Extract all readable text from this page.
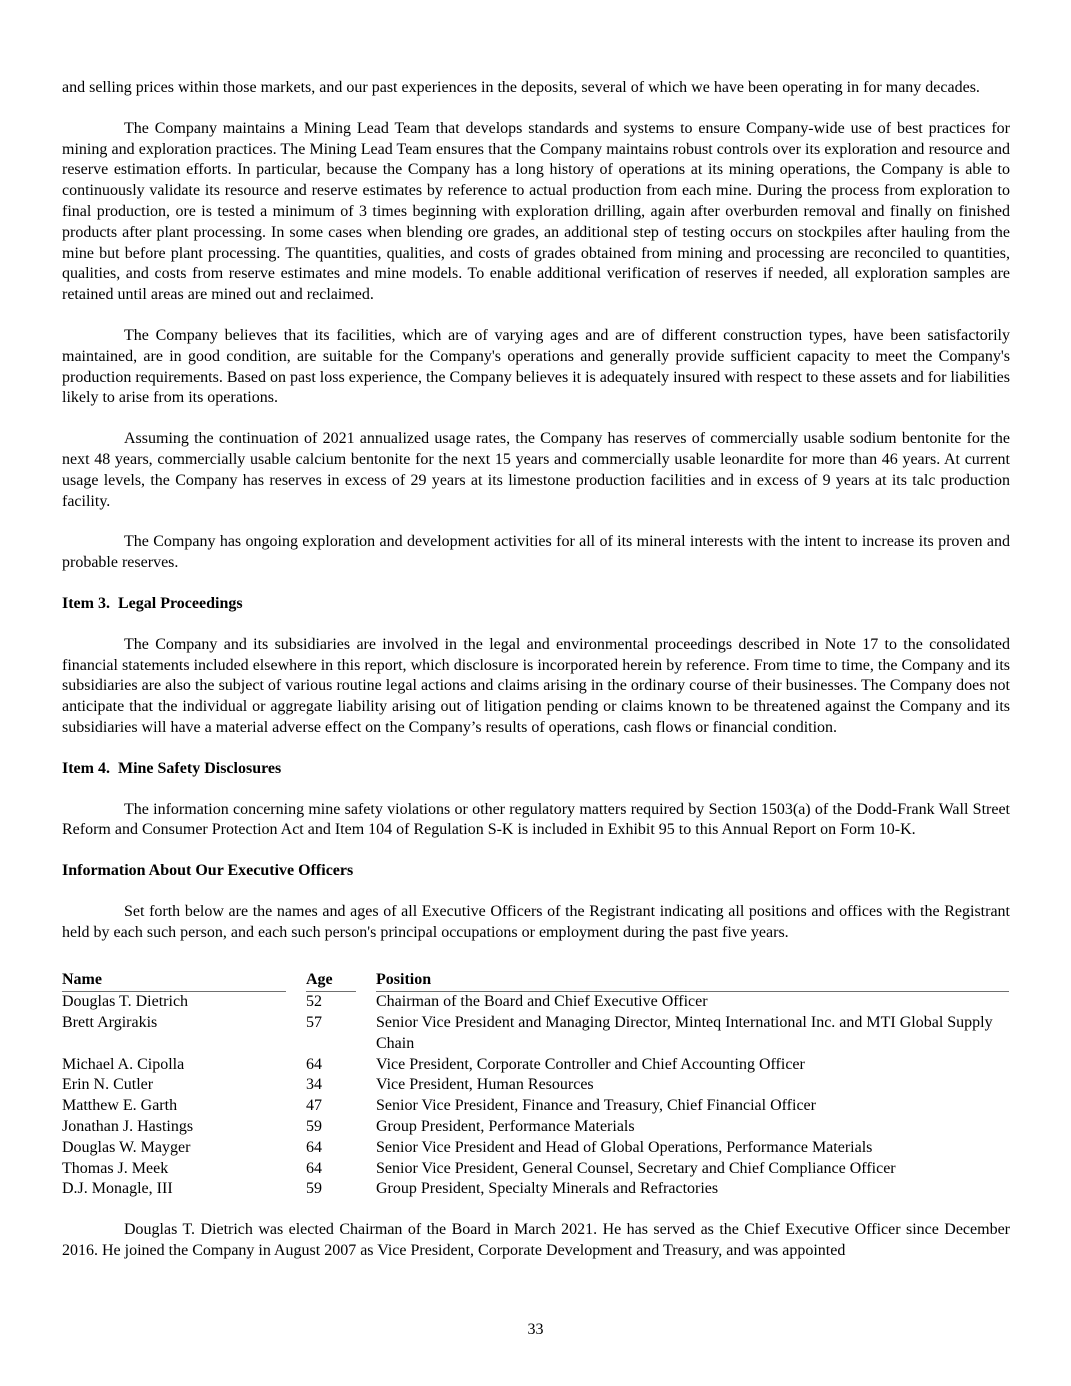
and selling prices within those markets, and our past experiences in the deposits, several of which we have been operating in for many decades.

The Company maintains a Mining Lead Team that develops standards and systems to ensure Company-wide use of best practices for mining and exploration practices. The Mining Lead Team ensures that the Company maintains robust controls over its exploration and resource and reserve estimation efforts. In particular, because the Company has a long history of operations at its mining operations, the Company is able to continuously validate its resource and reserve estimates by reference to actual production from each mine. During the process from exploration to final production, ore is tested a minimum of 3 times beginning with exploration drilling, again after overburden removal and finally on finished products after plant processing. In some cases when blending ore grades, an additional step of testing occurs on stockpiles after hauling from the mine but before plant processing. The quantities, qualities, and costs of grades obtained from mining and processing are reconciled to quantities, qualities, and costs from reserve estimates and mine models. To enable additional verification of reserves if needed, all exploration samples are retained until areas are mined out and reclaimed.

The Company believes that its facilities, which are of varying ages and are of different construction types, have been satisfactorily maintained, are in good condition, are suitable for the Company's operations and generally provide sufficient capacity to meet the Company's production requirements. Based on past loss experience, the Company believes it is adequately insured with respect to these assets and for liabilities likely to arise from its operations.

Assuming the continuation of 2021 annualized usage rates, the Company has reserves of commercially usable sodium bentonite for the next 48 years, commercially usable calcium bentonite for the next 15 years and commercially usable leonardite for more than 46 years. At current usage levels, the Company has reserves in excess of 29 years at its limestone production facilities and in excess of 9 years at its talc production facility.

The Company has ongoing exploration and development activities for all of its mineral interests with the intent to increase its proven and probable reserves.

Item 3.  Legal Proceedings

The Company and its subsidiaries are involved in the legal and environmental proceedings described in Note 17 to the consolidated financial statements included elsewhere in this report, which disclosure is incorporated herein by reference. From time to time, the Company and its subsidiaries are also the subject of various routine legal actions and claims arising in the ordinary course of their businesses. The Company does not anticipate that the individual or aggregate liability arising out of litigation pending or claims known to be threatened against the Company and its subsidiaries will have a material adverse effect on the Company’s results of operations, cash flows or financial condition.

Item 4.  Mine Safety Disclosures

The information concerning mine safety violations or other regulatory matters required by Section 1503(a) of the Dodd-Frank Wall Street Reform and Consumer Protection Act and Item 104 of Regulation S-K is included in Exhibit 95 to this Annual Report on Form 10-K.

Information About Our Executive Officers

Set forth below are the names and ages of all Executive Officers of the Registrant indicating all positions and offices with the Registrant held by each such person, and each such person's principal occupations or employment during the past five years.

Name	Age	Position
Douglas T. Dietrich	52	Chairman of the Board and Chief Executive Officer
Brett Argirakis	57	Senior Vice President and Managing Director, Minteq International Inc. and MTI Global Supply Chain
Michael A. Cipolla	64	Vice President, Corporate Controller and Chief Accounting Officer
Erin N. Cutler	34	Vice President, Human Resources
Matthew E. Garth	47	Senior Vice President, Finance and Treasury, Chief Financial Officer
Jonathan J. Hastings	59	Group President, Performance Materials
Douglas W. Mayger	64	Senior Vice President and Head of Global Operations, Performance Materials
Thomas J. Meek	64	Senior Vice President, General Counsel, Secretary and Chief Compliance Officer
D.J. Monagle, III	59	Group President, Specialty Minerals and Refractories

Douglas T. Dietrich was elected Chairman of the Board in March 2021. He has served as the Chief Executive Officer since December 2016. He joined the Company in August 2007 as Vice President, Corporate Development and Treasury, and was appointed

33
